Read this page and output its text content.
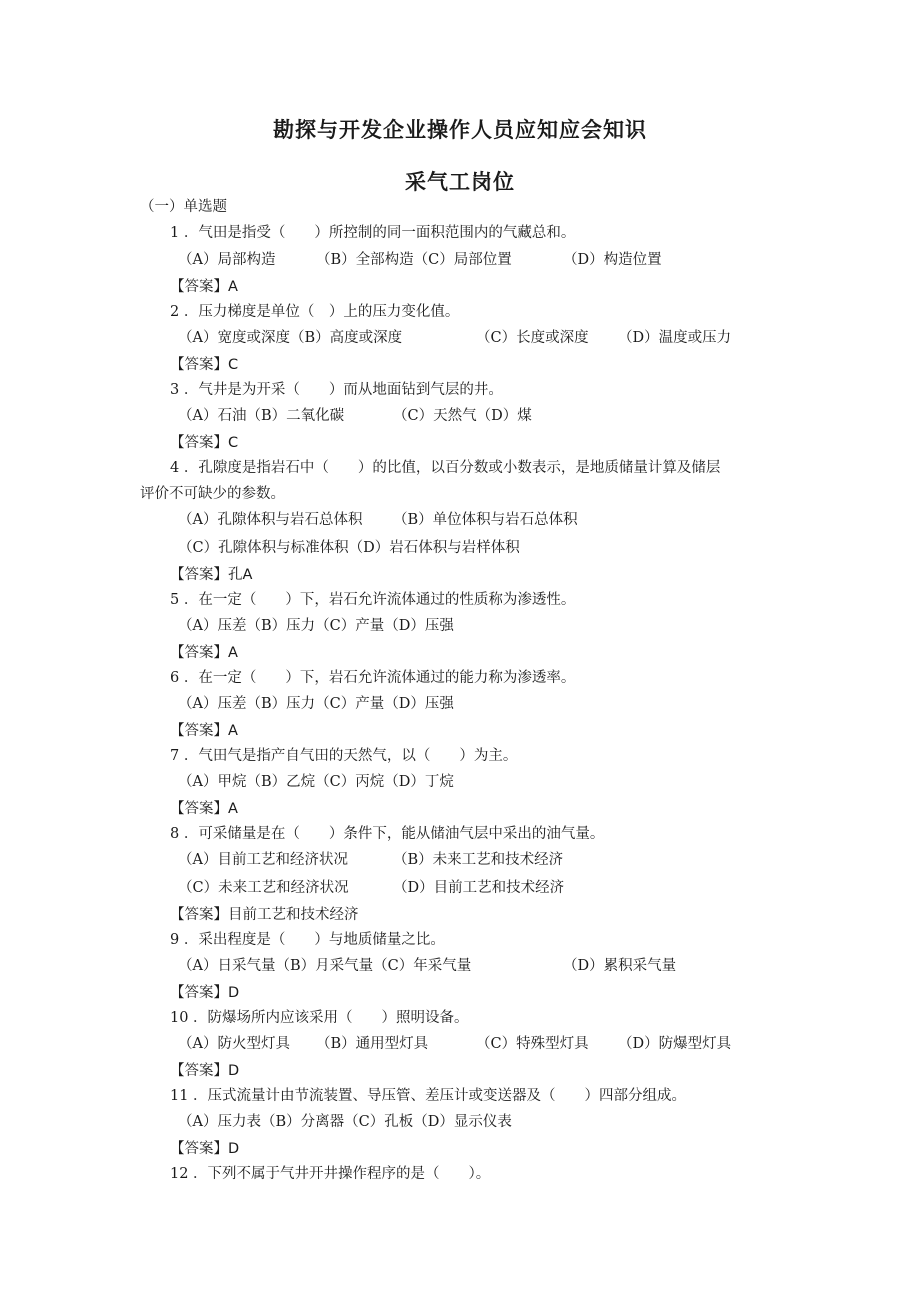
勘探与开发企业操作人员应知应会知识
采气工岗位
（一）单选题
1 ．气田是指受（　　）所控制的同一面积范围内的气藏总和。

（A）局部构造

	（B）全部构造（C）局部位置

	（D）构造位置

【答案】A
2 ．压力梯度是单位（　）上的压力变化值。

（A）宽度或深度（B）高度或深度

	（C）长度或深度

（D）温度或压力

【答案】C
3 ．气井是为开采（　　）而从地面钻到气层的井。

（A）石油（B）二氧化碳

	（C）天然气（D）煤

【答案】C
4 ．孔隙度是指岩石中（　　）的比值，以百分数或小数表示，是地质储量计算及储层
评价不可缺少的参数。

（A）孔隙体积与岩石总体积

（B）单位体积与岩石总体积

（C）孔隙体积与标准体积（D）岩石体积与岩样体积
【答案】孔A
5 ．在一定（　　）下，岩石允许流体通过的性质称为渗透性。
（A）压差（B）压力（C）产量（D）压强
【答案】A
6 ．在一定（　　）下，岩石允许流体通过的能力称为渗透率。
（A）压差（B）压力（C）产量（D）压强
【答案】A
7 ．气田气是指产自气田的天然气，以（　　）为主。
（A）甲烷（B）乙烷（C）丙烷（D）丁烷
【答案】A
8 ．可采储量是在（　　）条件下，能从储油气层中采出的油气量。

（A）目前工艺和经济状况

	（B）未来工艺和技术经济

（C）未来工艺和经济状况

	（D）目前工艺和技术经济

【答案】目前工艺和技术经济
9 ．采出程度是（　　）与地质储量之比。

（A）日采气量（B）月采气量（C）年采气量

	（D）累积采气量

【答案】D
10 ．防爆场所内应该采用（　　）照明设备。

（A）防火型灯具

（B）通用型灯具

	（C）特殊型灯具

（D）防爆型灯具

【答案】D
11 ．压式流量计由节流装置、导压管、差压计或变送器及（　　）四部分组成。
（A）压力表（B）分离器（C）孔板（D）显示仪表
【答案】D
12 ．下列不属于气井开井操作程序的是（　　）。
